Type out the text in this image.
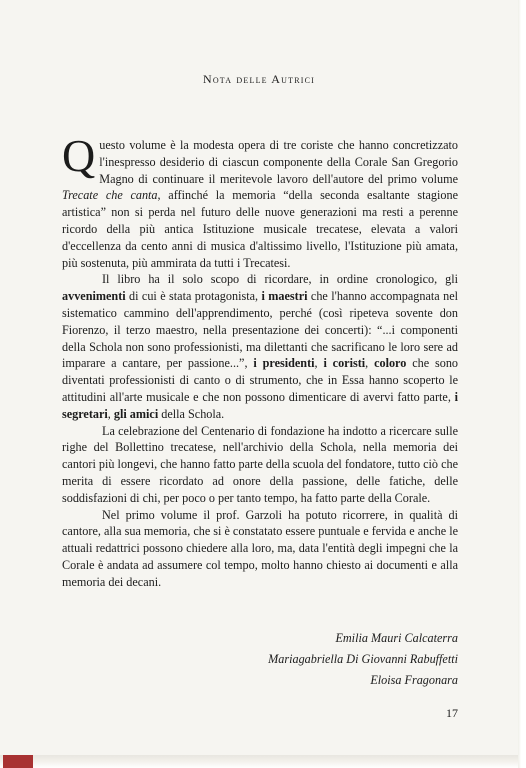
Nota delle Autrici

Questo volume è la modesta opera di tre coriste che hanno concretizzato l'inespresso desiderio di ciascun componente della Corale San Gregorio Magno di continuare il meritevole lavoro dell'autore del primo volume Trecate che canta, affinché la memoria “della seconda esaltante stagione artistica” non si perda nel futuro delle nuove generazioni ma resti a perenne ricordo della più antica Istituzione musicale trecatese, elevata a valori d'eccellenza da cento anni di musica d'altissimo livello, l'Istituzione più amata, più sostenuta, più ammirata da tutti i Trecatesi.

Il libro ha il solo scopo di ricordare, in ordine cronologico, gli avvenimenti di cui è stata protagonista, i maestri che l'hanno accompagnata nel sistematico cammino dell'apprendimento, perché (così ripeteva sovente don Fiorenzo, il terzo maestro, nella presentazione dei concerti): “...i componenti della Schola non sono professionisti, ma dilettanti che sacrificano le loro sere ad imparare a cantare, per passione...”, i presidenti, i coristi, coloro che sono diventati professionisti di canto o di strumento, che in Essa hanno scoperto le attitudini all'arte musicale e che non possono dimenticare di avervi fatto parte, i segretari, gli amici della Schola.

La celebrazione del Centenario di fondazione ha indotto a ricercare sulle righe del Bollettino trecatese, nell'archivio della Schola, nella memoria dei cantori più longevi, che hanno fatto parte della scuola del fondatore, tutto ciò che merita di essere ricordato ad onore della passione, delle fatiche, delle soddisfazioni di chi, per poco o per tanto tempo, ha fatto parte della Corale.

Nel primo volume il prof. Garzoli ha potuto ricorrere, in qualità di cantore, alla sua memoria, che si è constatato essere puntuale e fervida e anche le attuali redattrici possono chiedere alla loro, ma, data l'entità degli impegni che la Corale è andata ad assumere col tempo, molto hanno chiesto ai documenti e alla memoria dei decani.

Emilia Mauri Calcaterra
Mariagabriella Di Giovanni Rabuffetti
Eloisa Fragonara
17
